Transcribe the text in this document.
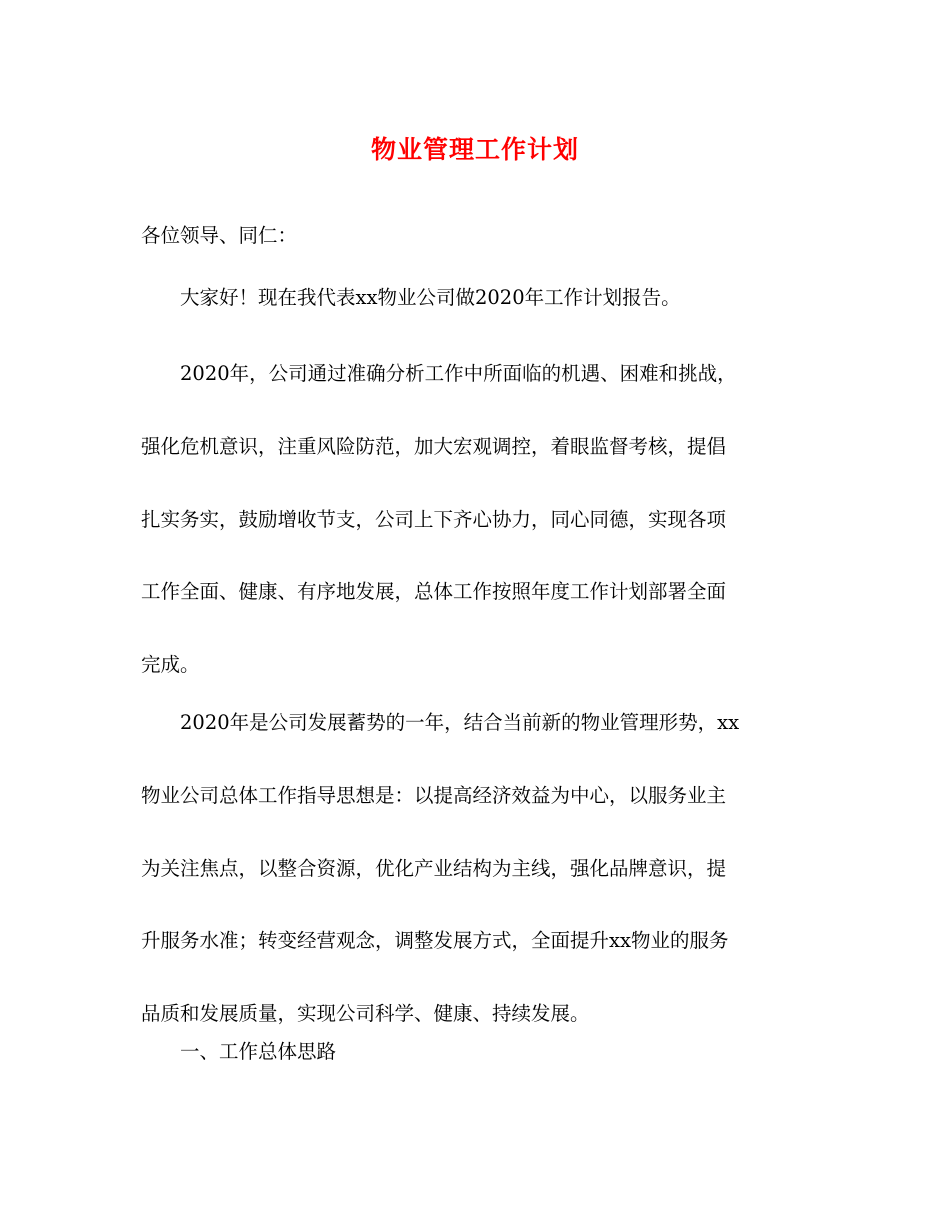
物业管理工作计划
各位领导、同仁：
大家好！现在我代表xx物业公司做2020年工作计划报告。
2020年，公司通过准确分析工作中所面临的机遇、困难和挑战，
强化危机意识，注重风险防范，加大宏观调控，着眼监督考核，提倡
扎实务实，鼓励增收节支，公司上下齐心协力，同心同德，实现各项
工作全面、健康、有序地发展，总体工作按照年度工作计划部署全面
完成。
2020年是公司发展蓄势的一年，结合当前新的物业管理形势，xx
物业公司总体工作指导思想是：以提高经济效益为中心，以服务业主
为关注焦点，以整合资源，优化产业结构为主线，强化品牌意识，提
升服务水准；转变经营观念，调整发展方式，全面提升xx物业的服务
品质和发展质量，实现公司科学、健康、持续发展。
一、工作总体思路
